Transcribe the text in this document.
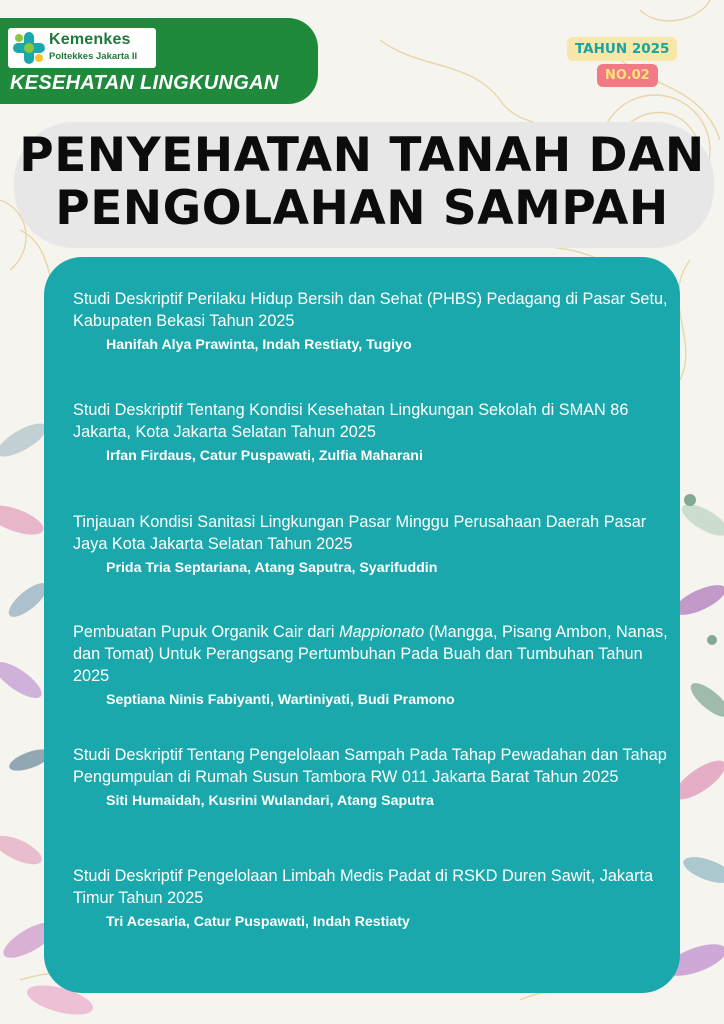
Kemenkes
Poltekkes Jakarta II
KESEHATAN LINGKUNGAN
TAHUN 2025
NO.02
PENYEHATAN TANAH DAN
PENGOLAHAN SAMPAH

Studi Deskriptif Perilaku Hidup Bersih dan Sehat (PHBS) Pedagang di Pasar Setu, Kabupaten Bekasi Tahun 2025

Hanifah Alya Prawinta, Indah Restiaty, Tugiyo

Studi Deskriptif Tentang Kondisi Kesehatan Lingkungan Sekolah di SMAN 86 Jakarta, Kota Jakarta Selatan Tahun 2025

Irfan Firdaus, Catur Puspawati, Zulfia Maharani

Tinjauan Kondisi Sanitasi Lingkungan Pasar Minggu Perusahaan Daerah Pasar Jaya Kota Jakarta Selatan Tahun 2025

Prida Tria Septariana, Atang Saputra, Syarifuddin

Pembuatan Pupuk Organik Cair dari Mappionato (Mangga, Pisang Ambon, Nanas, dan Tomat) Untuk Perangsang Pertumbuhan Pada Buah dan Tumbuhan Tahun 2025

Septiana Ninis Fabiyanti, Wartiniyati, Budi Pramono

Studi Deskriptif Tentang Pengelolaan Sampah Pada Tahap Pewadahan dan Tahap Pengumpulan di Rumah Susun Tambora RW 011 Jakarta Barat Tahun 2025

Siti Humaidah, Kusrini Wulandari, Atang Saputra

Studi Deskriptif Pengelolaan Limbah Medis Padat di RSKD Duren Sawit, Jakarta Timur Tahun 2025

Tri Acesaria, Catur Puspawati, Indah Restiaty
